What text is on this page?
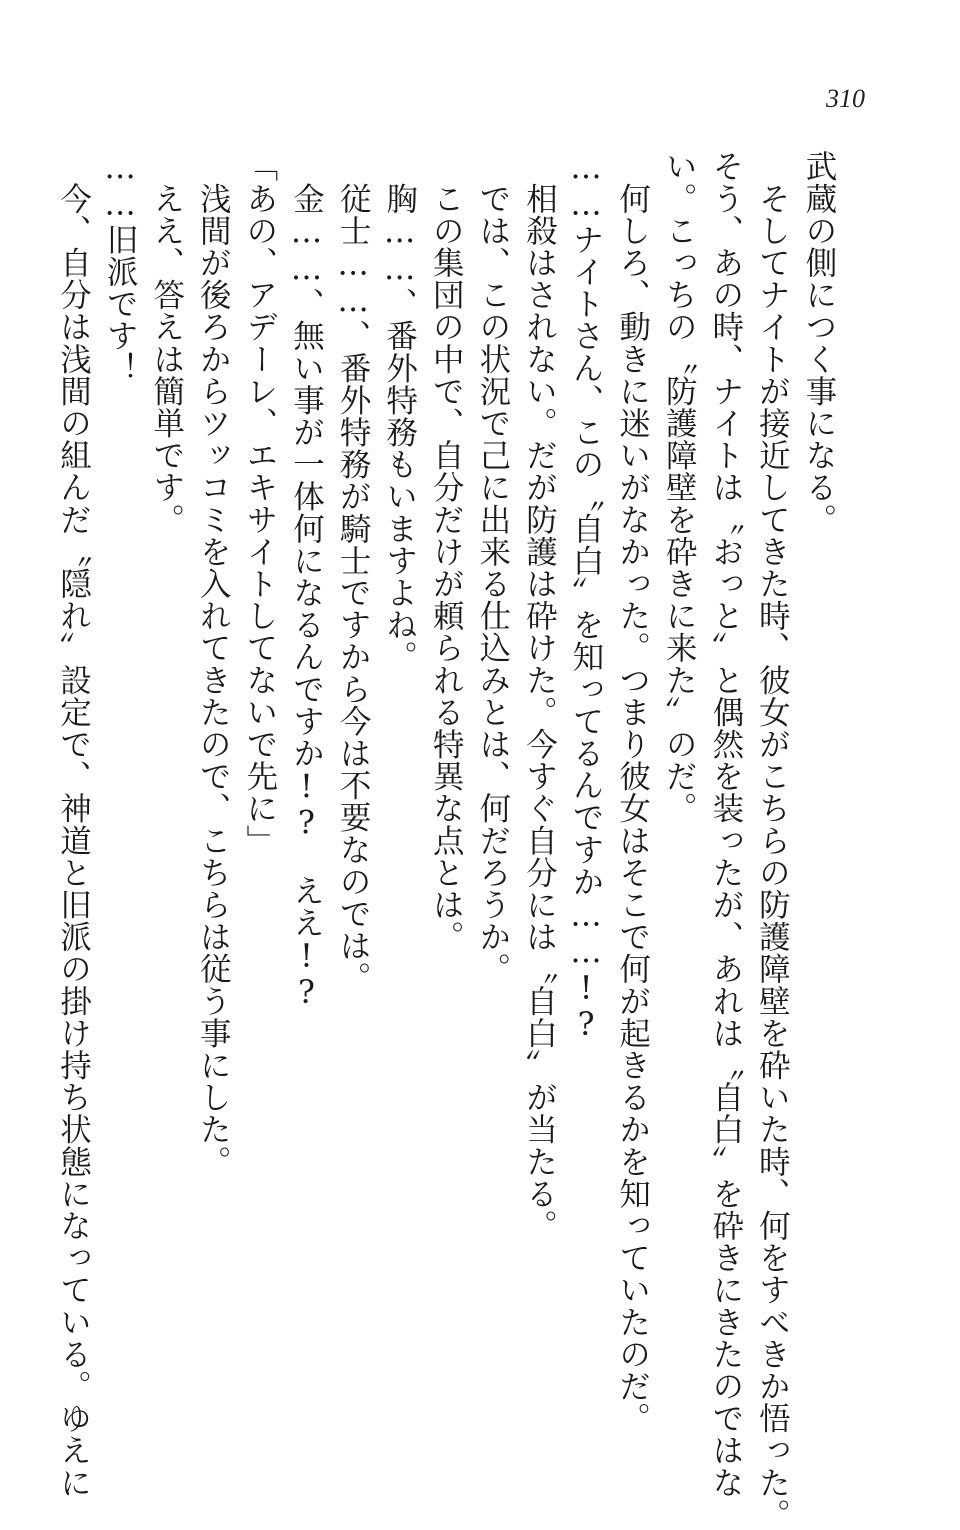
310
武蔵の側につく事になる。
　そしてナイトが接近してきた時、彼女がこちらの防護障壁を砕いた時、何をすべきか悟った。
そう、あの時、ナイトは〝おっと〟と偶然を装ったが、あれは〝自白〟を砕きにきたのではな
い。こっちの〝防護障壁を砕きに来た〟のだ。
　何しろ、動きに迷いがなかった。つまり彼女はそこで何が起きるかを知っていたのだ。
……ナイトさん、この〝自白〟を知ってるんですか……!?
　相殺はされない。だが防護は砕けた。今すぐ自分には〝自白〟が当たる。
　では、この状況で己に出来る仕込みとは、何だろうか。
　この集団の中で、自分だけが頼られる特異な点とは。
　胸……、番外特務もいますよね。
　従士……、番外特務が騎士ですから今は不要なのでは。
　金……、無い事が一体何になるんですか!?　ええ!?
「あの、アデーレ、エキサイトしてないで先に」
　浅間が後ろからツッコミを入れてきたので、こちらは従う事にした。
　ええ、答えは簡単です。
……旧派です！
　今、自分は浅間の組んだ〝隠れ〟設定で、神道と旧派の掛け持ち状態になっている。ゆえに
